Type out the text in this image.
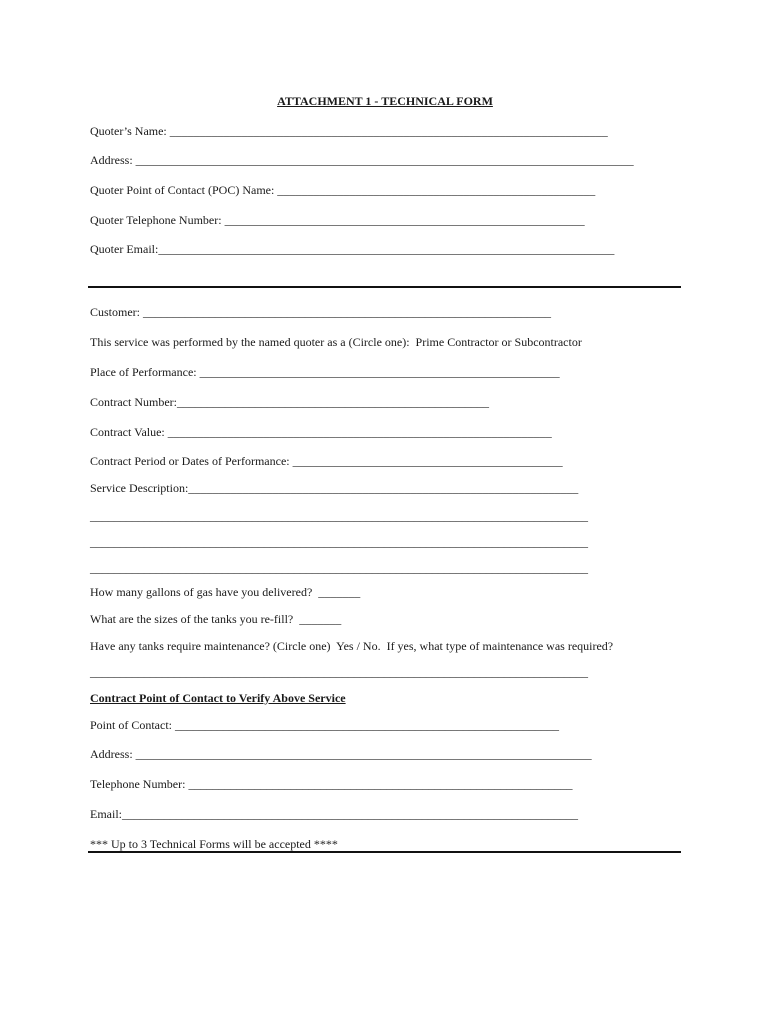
ATTACHMENT 1 - TECHNICAL FORM
Quoter’s Name: _________________________________________________________________________
Address: ___________________________________________________________________________________
Quoter Point of Contact (POC) Name: _____________________________________________________
Quoter Telephone Number: ____________________________________________________________
Quoter Email:____________________________________________________________________________
Customer: ____________________________________________________________________
This service was performed by the named quoter as a (Circle one):  Prime Contractor or Subcontractor
Place of Performance: ____________________________________________________________
Contract Number:____________________________________________________
Contract Value: ________________________________________________________________
Contract Period or Dates of Performance: _____________________________________________
Service Description:_________________________________________________________________
___________________________________________________________________________________
___________________________________________________________________________________
___________________________________________________________________________________
How many gallons of gas have you delivered?  _______
What are the sizes of the tanks you re-fill?  _______
Have any tanks require maintenance? (Circle one)  Yes / No.  If yes, what type of maintenance was required?
___________________________________________________________________________________
Contract Point of Contact to Verify Above Service
Point of Contact: ________________________________________________________________
Address: ____________________________________________________________________________
Telephone Number: ________________________________________________________________
Email:____________________________________________________________________________
*** Up to 3 Technical Forms will be accepted ****
